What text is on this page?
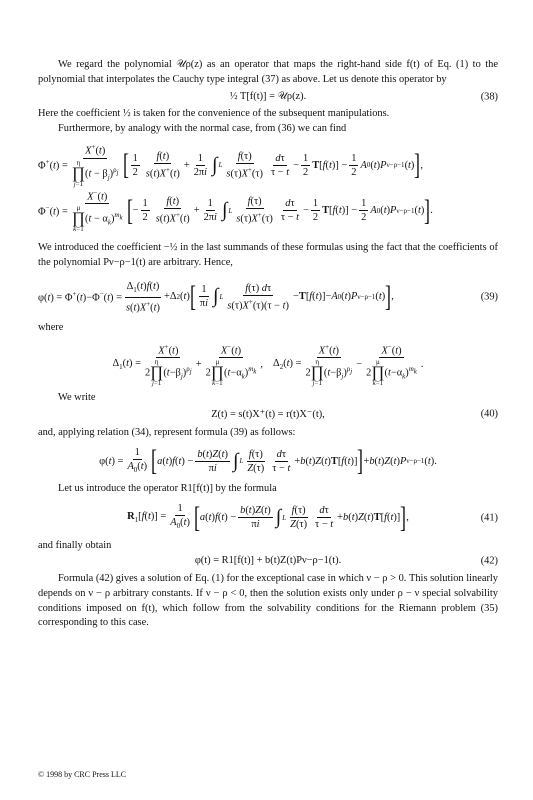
We regard the polynomial 𝒰ρ(z) as an operator that maps the right-hand side f(t) of Eq. (1) to the polynomial that interpolates the Cauchy type integral (37) as above. Let us denote this operator by

½ T[f(t)] = 𝒰ρ(z).	(38)

Here the coefficient ½ is taken for the convenience of the subsequent manipulations.

Furthermore, by analogy with the normal case, from (36) we can find

Φ+(t) = X+(t)
η
∏
j=1
$(t - \beta_j)^{\rho_j}$ [ $\frac{1}{2} \frac{f(t)}{s(t)X^+(t)} + \frac{1}{2\pi i}$ ∫ L $\frac{f(\tau)}{s(\tau)X^+(\tau)} \frac{d\tau}{\tau - t} - \frac{1}{2}$ T [ f ( t )] − $\frac{1}{2}$ A 0 ( t ) P ν−ρ−1 ( t ) ] ,
Φ−(t) = X−(t)
μ
∏
k=1
$(t - \alpha_k)^{m_k}$ [ − $\frac{1}{2} \frac{f(t)}{s(t)X^+(t)} + \frac{1}{2\pi i}$ ∫ L $\frac{f(\tau)}{s(\tau)X^+(\tau)} \frac{d\tau}{\tau - t} - \frac{1}{2}$ T [ f ( t )] − $\frac{1}{2}$ A 0 ( t ) P ν−ρ−1 ( t ) ] .

We introduced the coefficient −½ in the last summands of these formulas using the fact that the coefficients of the polynomial Pν−ρ−1(t) are arbitrary. Hence,

$\varphi(t) = \Phi^+(t)-\Phi^-(t) = \frac{\Delta_1(t)f(t)}{s(t)X^+(t)} +\Delta$ 2 ( t ) [ $\frac{1}{\pi i}$ ∫ L $\frac{f(\tau) d\tau}{s(\tau)X^+(\tau)(\tau - t)} - T$ [ f ( t )]− A 0 ( t ) P ν−ρ−1 ( t ) ] ,	(39)

where

$\Delta_1(t) = X^+(t)$
2
η
∏
j=1
$(t-\beta_j)^{\rho_j} + X^-(t)$
2
μ
∏
k=1
$(t-\alpha_k)^{m_k}$ , $\Delta_2(t) = X^+(t)$
2
η
∏
j=1
$(t-\beta_j)^{\rho_j} - X^-(t)$
2
μ
∏
k=1
$(t-\alpha_k)^{m_k}$ .

We write

Z(t) = s(t)X⁺(t) = r(t)X⁻(t),	(40)

and, applying relation (34), represent formula (39) as follows:

$\varphi(t) = \frac{1}{A_0(t)}$ [ a ( t ) f ( t ) − $\frac{b(t)Z(t)}{\pi i}$ ∫ L $\frac{f(\tau)}{Z(\tau)} \frac{d\tau}{\tau - t} + b$ ( t ) Z ( t ) T [ f ( t )] ] + b ( t ) Z ( t ) P ν−ρ−1 ( t ).

Let us introduce the operator R1[f(t)] by the formula

$R_1[f(t)] = \frac{1}{A_0(t)}$ [ a ( t ) f ( t ) − $\frac{b(t)Z(t)}{\pi i}$ ∫ L $\frac{f(\tau)}{Z(\tau)} \frac{d\tau}{\tau - t} + b$ ( t ) Z ( t ) T [ f ( t )] ] ,	(41)

and finally obtain

φ(t) = R1[f(t)] + b(t)Z(t)Pν−ρ−1(t).	(42)

Formula (42) gives a solution of Eq. (1) for the exceptional case in which ν − ρ > 0. This solution linearly depends on ν − ρ arbitrary constants. If ν − ρ < 0, then the solution exists only under ρ − ν special solvability conditions imposed on f(t), which follow from the solvability conditions for the Riemann problem (35) corresponding to this case.

© 1998 by CRC Press LLC
